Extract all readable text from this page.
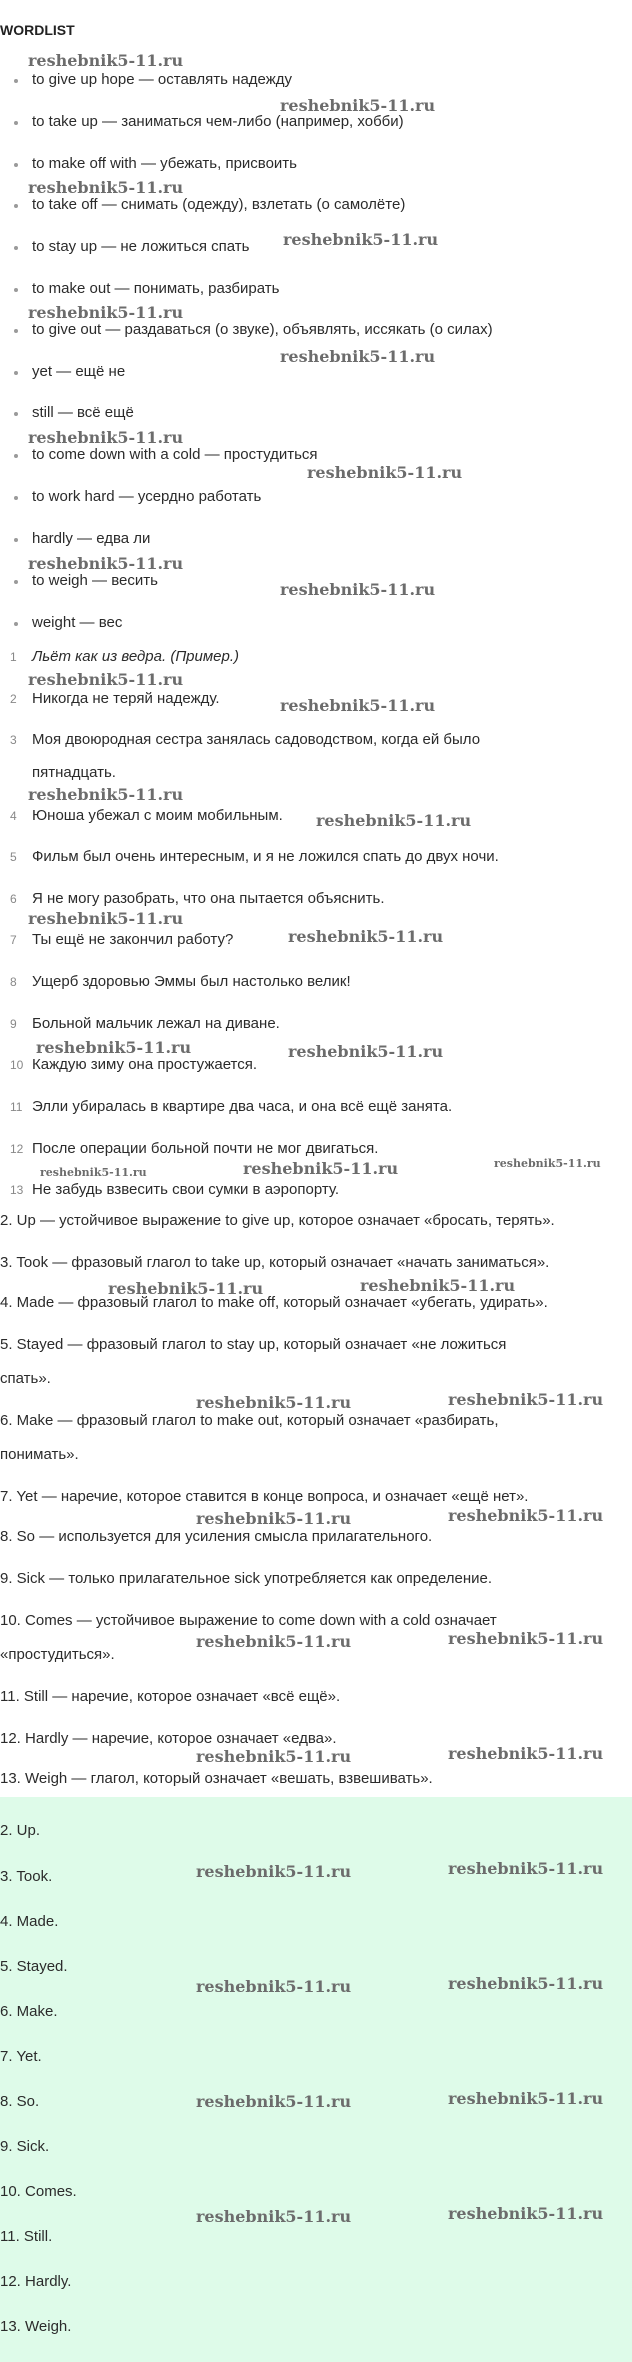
WORDLIST
to give up hope — оставлять надежду
to take up — заниматься чем-либо (например, хобби)
to make off with — убежать, присвоить
to take off — снимать (одежду), взлетать (о самолёте)
to stay up — не ложиться спать
to make out — понимать, разбирать
to give out — раздаваться (о звуке), объявлять, иссякать (о силах)
yet — ещё не
still — всё ещё
to come down with a cold — простудиться
to work hard — усердно работать
hardly — едва ли
to weigh — весить
weight — вес
1 Льёт как из ведра. (Пример.)
2 Никогда не теряй надежду.
3 Моя двоюродная сестра занялась садоводством, когда ей было
пятнадцать.
4 Юноша убежал с моим мобильным.
5 Фильм был очень интересным, и я не ложился спать до двух ночи.
6 Я не могу разобрать, что она пытается объяснить.
7 Ты ещё не закончил работу?
8 Ущерб здоровью Эммы был настолько велик!
9 Больной мальчик лежал на диване.
10 Каждую зиму она простужается.
11 Элли убиралась в квартире два часа, и она всё ещё занята.
12 После операции больной почти не мог двигаться.
13 Не забудь взвесить свои сумки в аэропорту.
2. Up — устойчивое выражение to give up, которое означает «бросать, терять».
3. Took — фразовый глагол to take up, который означает «начать заниматься».
4. Made — фразовый глагол to make off, который означает «убегать, удирать».
5. Stayed — фразовый глагол to stay up, который означает «не ложиться
спать».
6. Make — фразовый глагол to make out, который означает «разбирать,
понимать».
7. Yet — наречие, которое ставится в конце вопроса, и означает «ещё нет».
8. So — используется для усиления смысла прилагательного.
9. Sick — только прилагательное sick употребляется как определение.
10. Comes — устойчивое выражение to come down with a cold означает
«простудиться».
11. Still — наречие, которое означает «всё ещё».
12. Hardly — наречие, которое означает «едва».
13. Weigh — глагол, который означает «вешать, взвешивать».
2. Up.
3. Took.
4. Made.
5. Stayed.
6. Make.
7. Yet.
8. So.
9. Sick.
10. Comes.
11. Still.
12. Hardly.
13. Weigh.
reshebnik5-11.ru
reshebnik5-11.ru
reshebnik5-11.ru
reshebnik5-11.ru
reshebnik5-11.ru
reshebnik5-11.ru
reshebnik5-11.ru
reshebnik5-11.ru
reshebnik5-11.ru
reshebnik5-11.ru
reshebnik5-11.ru
reshebnik5-11.ru
reshebnik5-11.ru
reshebnik5-11.ru
reshebnik5-11.ru
reshebnik5-11.ru
reshebnik5-11.ru	reshebnik5-11.ru
reshebnik5-11.ru	reshebnik5-11.ru	reshebnik5-11.ru
reshebnik5-11.ru	reshebnik5-11.ru
reshebnik5-11.ru	reshebnik5-11.ru
reshebnik5-11.ru	reshebnik5-11.ru
reshebnik5-11.ru	reshebnik5-11.ru
reshebnik5-11.ru	reshebnik5-11.ru
reshebnik5-11.ru	reshebnik5-11.ru
reshebnik5-11.ru	reshebnik5-11.ru
reshebnik5-11.ru	reshebnik5-11.ru
reshebnik5-11.ru	reshebnik5-11.ru
